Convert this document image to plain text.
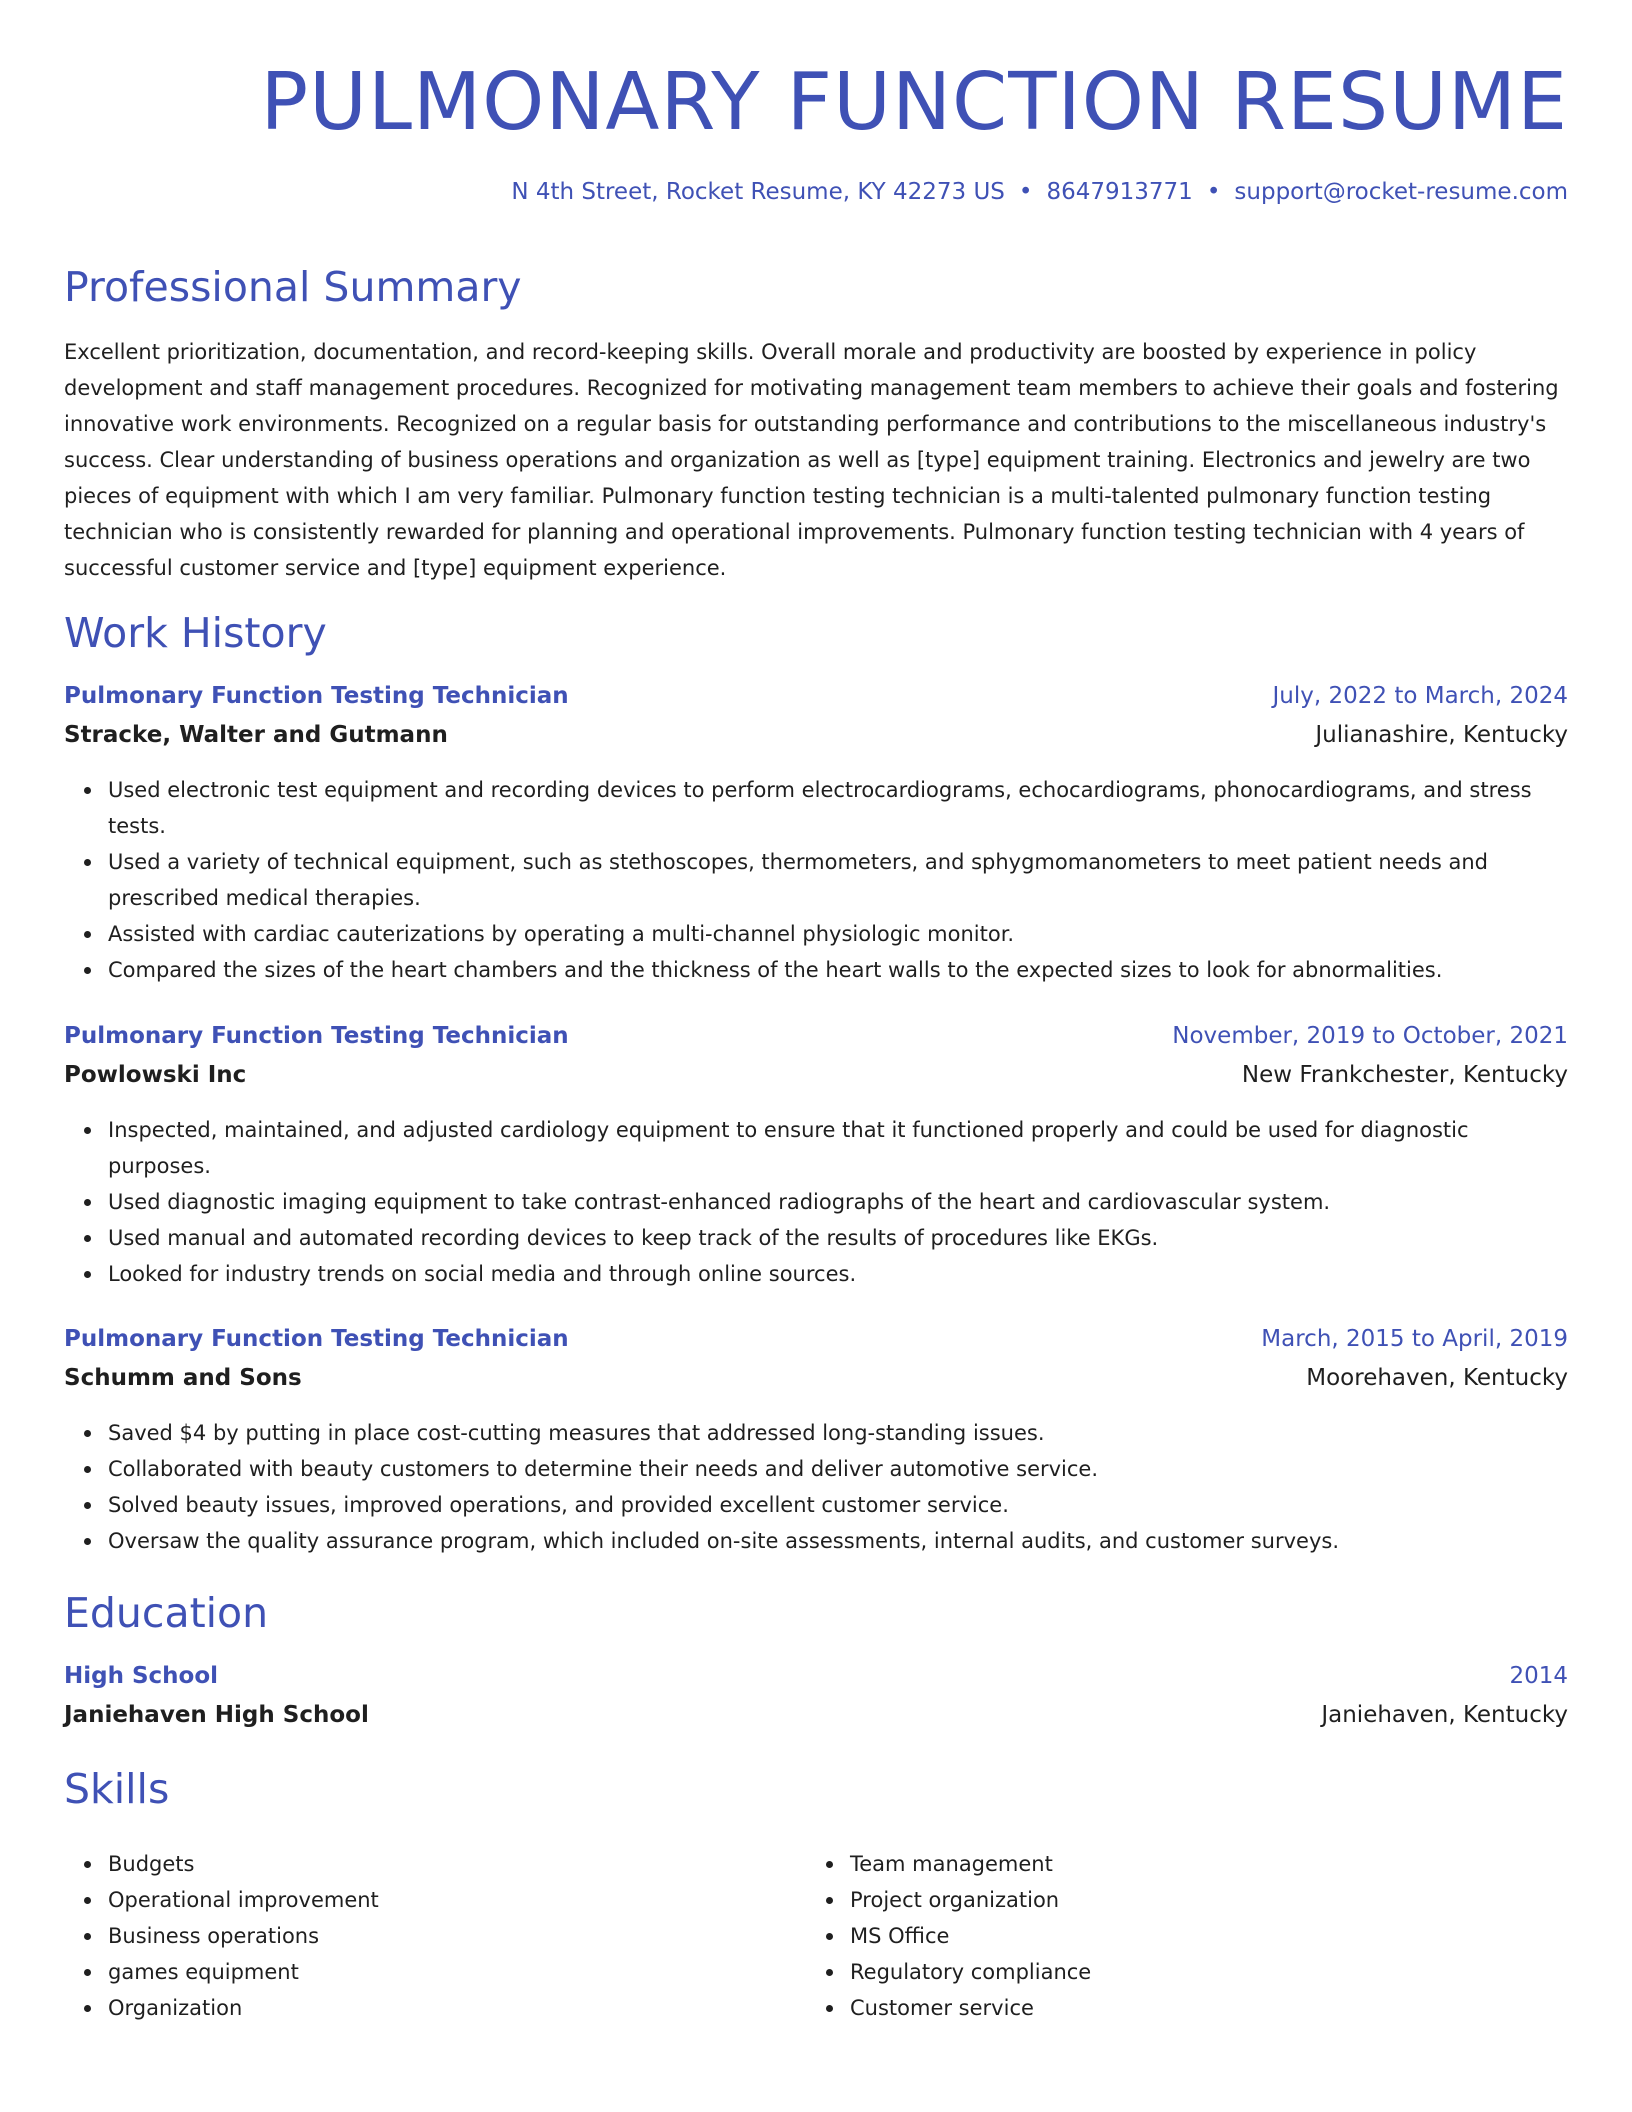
PULMONARY FUNCTION RESUME
N 4th Street, Rocket Resume, KY 42273 US • 8647913771 • support@rocket-resume.com
Professional Summary

Excellent prioritization, documentation, and record-keeping skills. Overall morale and productivity are boosted by experience in policy development and staff management procedures. Recognized for motivating management team members to achieve their goals and fostering innovative work environments. Recognized on a regular basis for outstanding performance and contributions to the miscellaneous industry's success. Clear understanding of business operations and organization as well as [type] equipment training. Electronics and jewelry are two pieces of equipment with which I am very familiar. Pulmonary function testing technician is a multi-talented pulmonary function testing technician who is consistently rewarded for planning and operational improvements. Pulmonary function testing technician with 4 years of successful customer service and [type] equipment experience.

Work History
Pulmonary Function Testing Technician	July, 2022 to March, 2024
Stracke, Walter and Gutmann	Julianashire, Kentucky
Used electronic test equipment and recording devices to perform electrocardiograms, echocardiograms, phonocardiograms, and stress tests.
Used a variety of technical equipment, such as stethoscopes, thermometers, and sphygmomanometers to meet patient needs and prescribed medical therapies.
Assisted with cardiac cauterizations by operating a multi-channel physiologic monitor.
Compared the sizes of the heart chambers and the thickness of the heart walls to the expected sizes to look for abnormalities.
Pulmonary Function Testing Technician	November, 2019 to October, 2021
Powlowski Inc	New Frankchester, Kentucky
Inspected, maintained, and adjusted cardiology equipment to ensure that it functioned properly and could be used for diagnostic purposes.
Used diagnostic imaging equipment to take contrast-enhanced radiographs of the heart and cardiovascular system.
Used manual and automated recording devices to keep track of the results of procedures like EKGs.
Looked for industry trends on social media and through online sources.
Pulmonary Function Testing Technician	March, 2015 to April, 2019
Schumm and Sons	Moorehaven, Kentucky
Saved $4 by putting in place cost-cutting measures that addressed long-standing issues.
Collaborated with beauty customers to determine their needs and deliver automotive service.
Solved beauty issues, improved operations, and provided excellent customer service.
Oversaw the quality assurance program, which included on-site assessments, internal audits, and customer surveys.
Education
High School	2014
Janiehaven High School	Janiehaven, Kentucky
Skills
Budgets
Operational improvement
Business operations
games equipment
Organization
Team management
Project organization
MS Office
Regulatory compliance
Customer service
